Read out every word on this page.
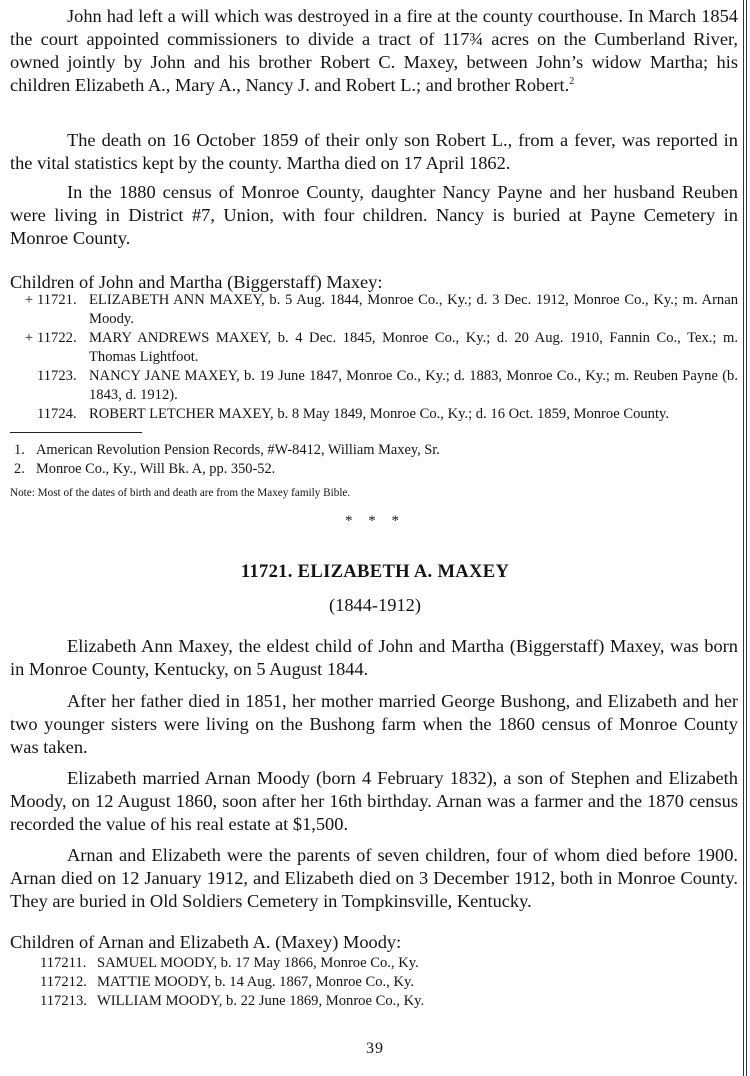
John had left a will which was destroyed in a fire at the county courthouse. In March 1854 the court appointed commissioners to divide a tract of 117¾ acres on the Cumberland River, owned jointly by John and his brother Robert C. Maxey, between John’s widow Martha; his children Elizabeth A., Mary A., Nancy J. and Robert L.; and brother Robert.$^2$

The death on 16 October 1859 of their only son Robert L., from a fever, was reported in the vital statistics kept by the county. Martha died on 17 April 1862.

In the 1880 census of Monroe County, daughter Nancy Payne and her husband Reuben were living in District #7, Union, with four children. Nancy is buried at Payne Cemetery in Monroe County.

Children of John and Martha (Biggerstaff) Maxey:

+ 11721. ELIZABETH ANN MAXEY, b. 5 Aug. 1844, Monroe Co., Ky.; d. 3 Dec. 1912, Monroe Co., Ky.; m. Arnan Moody.

+ 11722. MARY ANDREWS MAXEY, b. 4 Dec. 1845, Monroe Co., Ky.; d. 20 Aug. 1910, Fannin Co., Tex.; m. Thomas Lightfoot.

11723. NANCY JANE MAXEY, b. 19 June 1847, Monroe Co., Ky.; d. 1883, Monroe Co., Ky.; m. Reuben Payne (b. 1843, d. 1912).

11724. ROBERT LETCHER MAXEY, b. 8 May 1849, Monroe Co., Ky.; d. 16 Oct. 1859, Monroe County.

1. American Revolution Pension Records, #W-8412, William Maxey, Sr.
2. Monroe Co., Ky., Will Bk. A, pp. 350-52.
Note: Most of the dates of birth and death are from the Maxey family Bible.
* * *
11721. ELIZABETH A. MAXEY
(1844-1912)

Elizabeth Ann Maxey, the eldest child of John and Martha (Biggerstaff) Maxey, was born in Monroe County, Kentucky, on 5 August 1844.

After her father died in 1851, her mother married George Bushong, and Elizabeth and her two younger sisters were living on the Bushong farm when the 1860 census of Monroe County was taken.

Elizabeth married Arnan Moody (born 4 February 1832), a son of Stephen and Elizabeth Moody, on 12 August 1860, soon after her 16th birthday. Arnan was a farmer and the 1870 census recorded the value of his real estate at $1,500.

Arnan and Elizabeth were the parents of seven children, four of whom died before 1900. Arnan died on 12 January 1912, and Elizabeth died on 3 December 1912, both in Monroe County. They are buried in Old Soldiers Cemetery in Tompkinsville, Kentucky.

Children of Arnan and Elizabeth A. (Maxey) Moody:

117211. SAMUEL MOODY, b. 17 May 1866, Monroe Co., Ky.

117212. MATTIE MOODY, b. 14 Aug. 1867, Monroe Co., Ky.

117213. WILLIAM MOODY, b. 22 June 1869, Monroe Co., Ky.

39
